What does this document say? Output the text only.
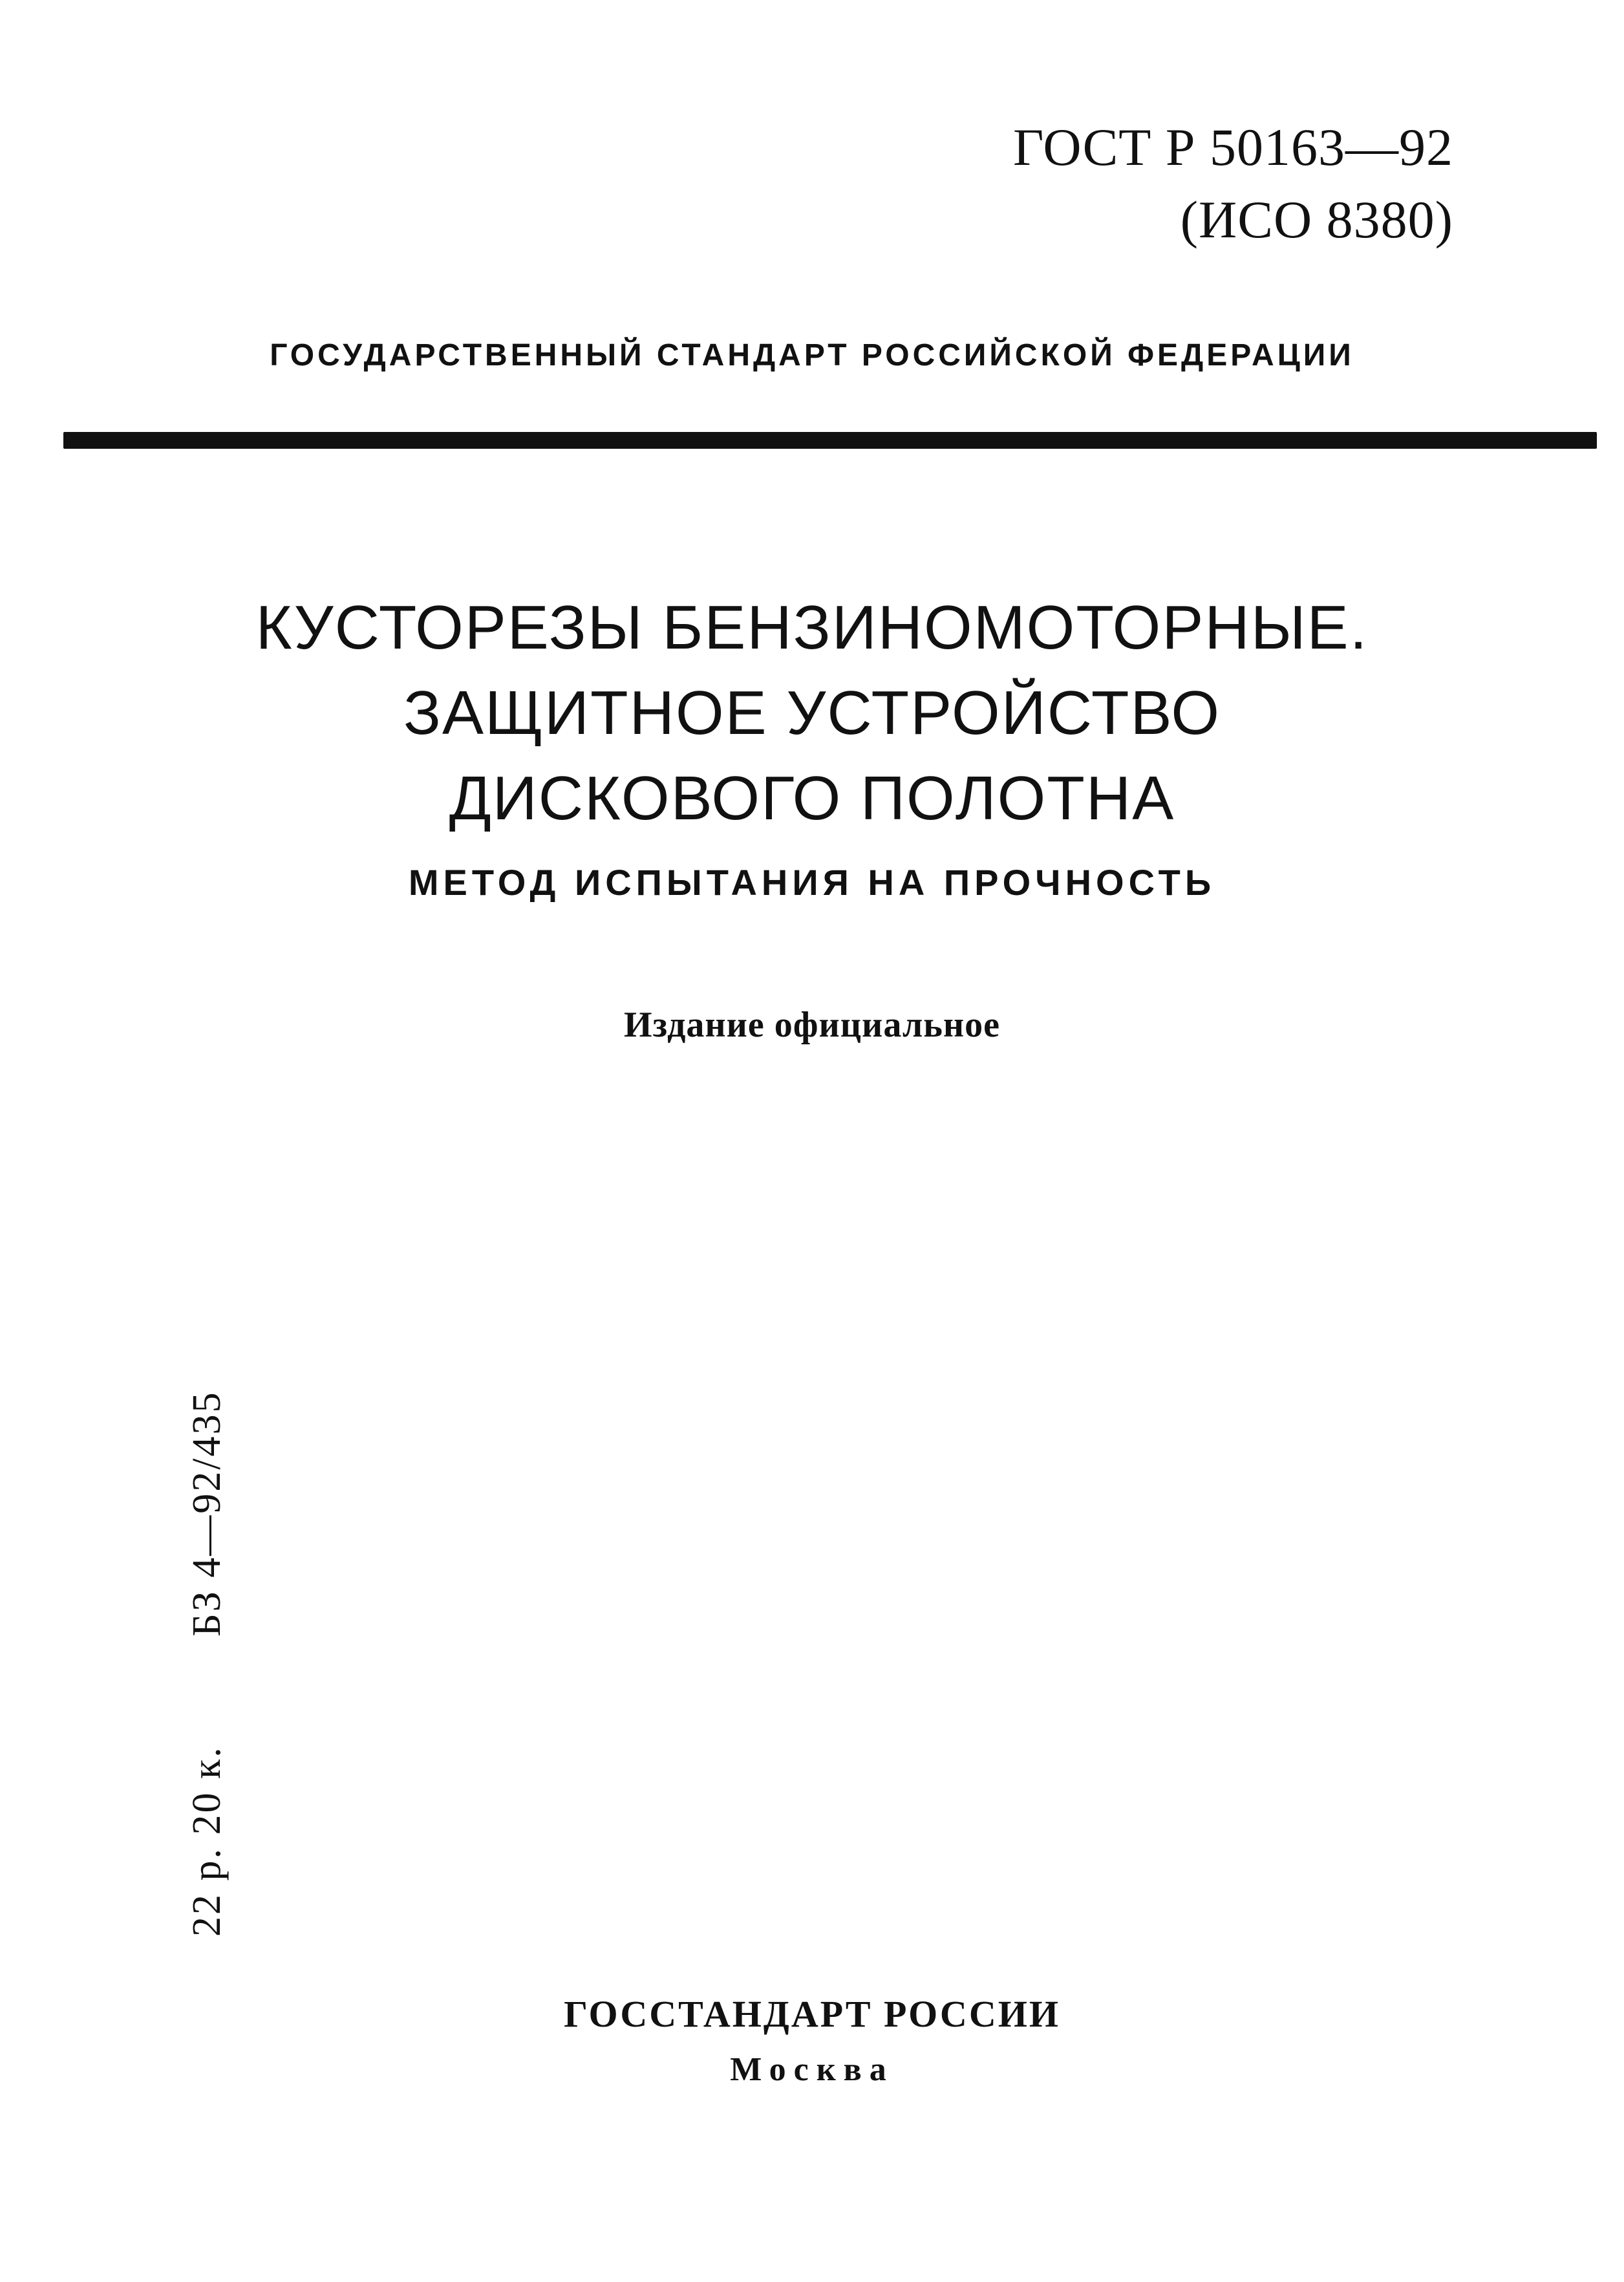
ГОСТ Р 50163—92
(ИСО 8380)
ГОСУДАРСТВЕННЫЙ СТАНДАРТ РОССИЙСКОЙ ФЕДЕРАЦИИ
КУСТОРЕЗЫ БЕНЗИНОМОТОРНЫЕ.
ЗАЩИТНОЕ УСТРОЙСТВО
ДИСКОВОГО ПОЛОТНА
МЕТОД ИСПЫТАНИЯ НА ПРОЧНОСТЬ
Издание официальное
22 р. 20 к. БЗ 4—92/435
ГОССТАНДАРТ РОССИИ
Москва
